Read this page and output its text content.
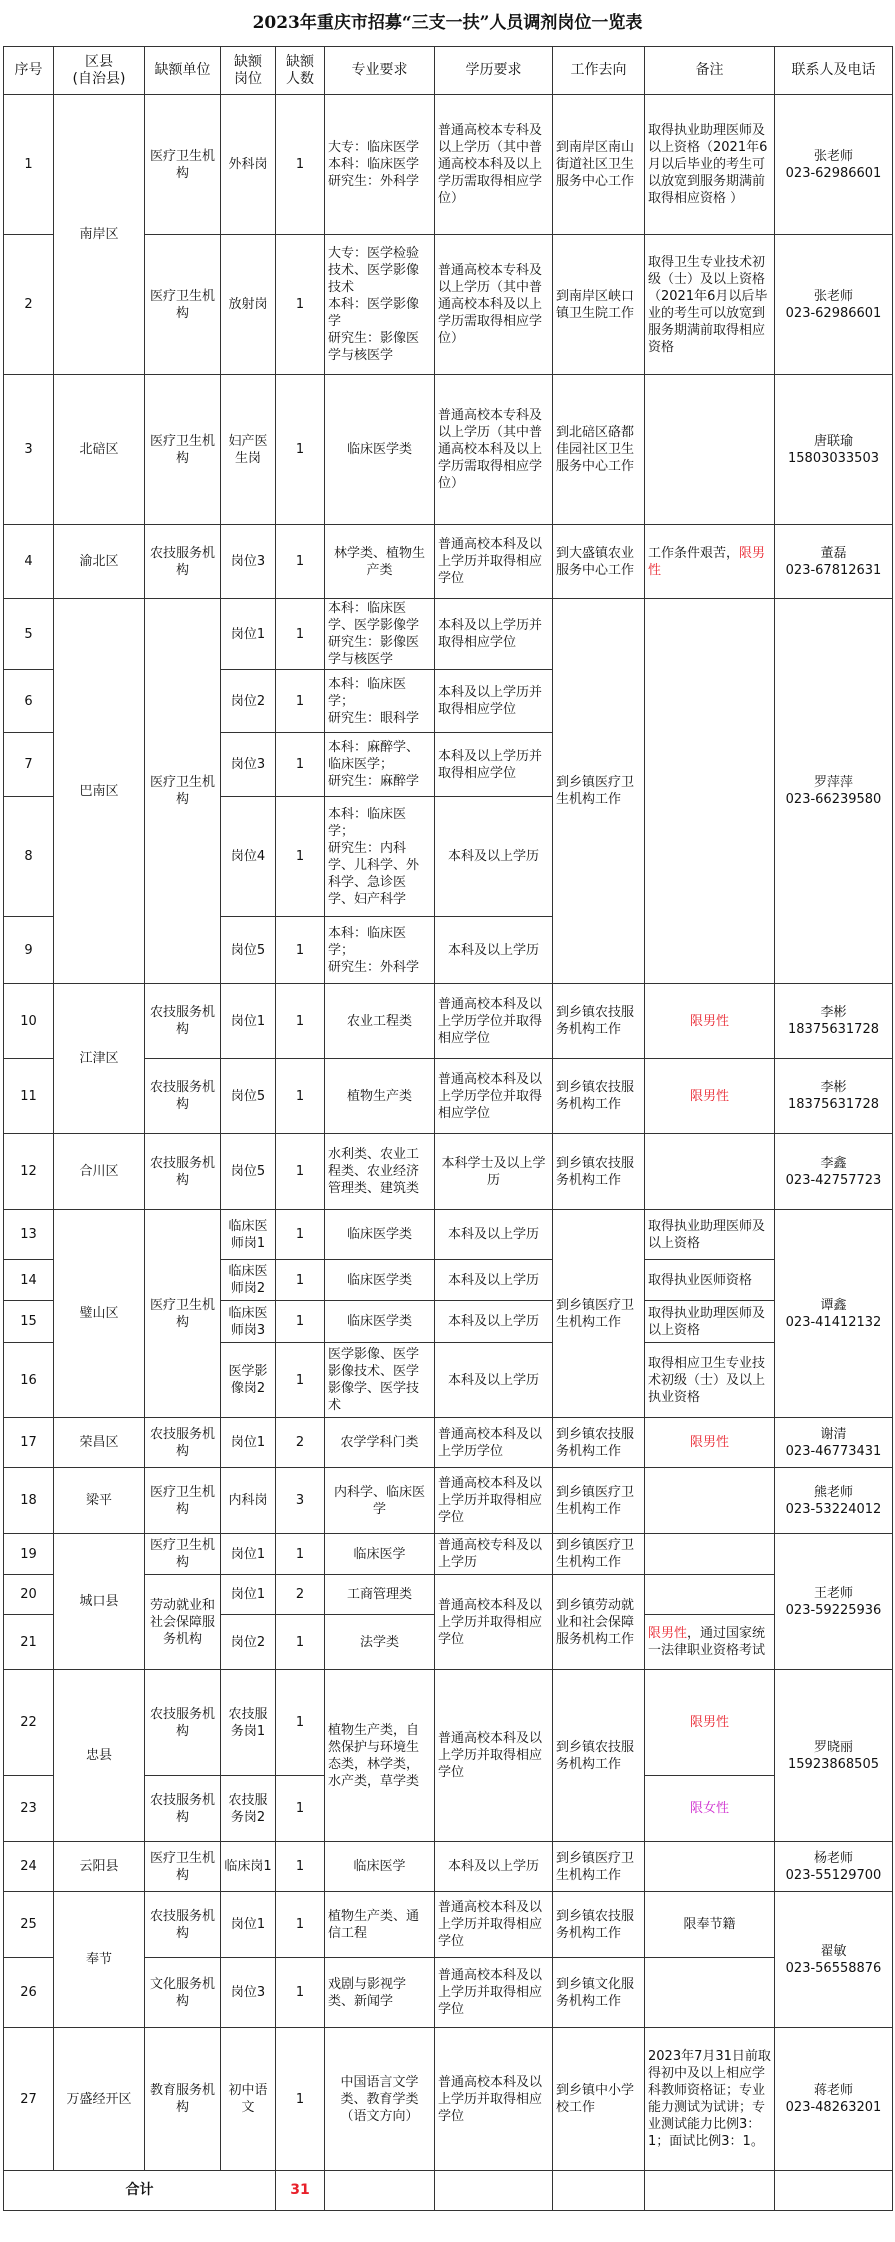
2023年重庆市招募“三支一扶”人员调剂岗位一览表
序号	区县
(自治县)	缺额单位	缺额
岗位	缺额
人数	专业要求	学历要求	工作去向	备注	联系人及电话
1	南岸区	医疗卫生机构	外科岗	1	大专：临床医学
本科：临床医学
研究生：外科学	普通高校本专科及以上学历（其中普通高校本科及以上学历需取得相应学位）	到南岸区南山街道社区卫生服务中心工作	取得执业助理医师及以上资格（2021年6月以后毕业的考生可以放宽到服务期满前取得相应资格 ）	张老师
023-62986601
2		医疗卫生机构	放射岗	1	大专：医学检验技术、医学影像技术
本科：医学影像学
研究生：影像医学与核医学	普通高校本专科及以上学历（其中普通高校本科及以上学历需取得相应学位）	到南岸区峡口镇卫生院工作	取得卫生专业技术初级（士）及以上资格（2021年6月以后毕业的考生可以放宽到服务期满前取得相应资格	张老师
023-62986601
3	北碚区	医疗卫生机构	妇产医生岗	1	临床医学类	普通高校本专科及以上学历（其中普通高校本科及以上学历需取得相应学位）	到北碚区硌都佳园社区卫生服务中心工作		唐联瑜
15803033503
4	渝北区	农技服务机构	岗位3	1	林学类、植物生产类	普通高校本科及以上学历并取得相应学位	到大盛镇农业服务中心工作	工作条件艰苦，限男性	董磊
023-67812631
5	巴南区	医疗卫生机构	岗位1	1	本科：临床医学、医学影像学
研究生：影像医学与核医学	本科及以上学历并取得相应学位	到乡镇医疗卫生机构工作		罗萍萍
023-66239580
6			岗位2	1	本科：临床医学；
研究生：眼科学	本科及以上学历并取得相应学位			
7			岗位3	1	本科：麻醉学、临床医学；
研究生：麻醉学	本科及以上学历并取得相应学位			
8			岗位4	1	本科：临床医学；
研究生：内科学、儿科学、外科学、急诊医学、妇产科学	本科及以上学历			
9			岗位5	1	本科：临床医学；
研究生：外科学	本科及以上学历			
10	江津区	农技服务机构	岗位1	1	农业工程类	普通高校本科及以上学历学位并取得相应学位	到乡镇农技服务机构工作	限男性	李彬
18375631728
11		农技服务机构	岗位5	1	植物生产类	普通高校本科及以上学历学位并取得相应学位	到乡镇农技服务机构工作	限男性	李彬
18375631728
12	合川区	农技服务机构	岗位5	1	水利类、农业工程类、农业经济管理类、建筑类	本科学士及以上学历	到乡镇农技服务机构工作		李鑫
023-42757723
13	璧山区	医疗卫生机构	临床医师岗1	1	临床医学类	本科及以上学历	到乡镇医疗卫生机构工作	取得执业助理医师及以上资格	谭鑫
023-41412132
14			临床医师岗2	1	临床医学类	本科及以上学历		取得执业医师资格	
15			临床医师岗3	1	临床医学类	本科及以上学历		取得执业助理医师及以上资格	
16			医学影像岗2	1	医学影像、医学影像技术、医学影像学、医学技术	本科及以上学历		取得相应卫生专业技术初级（士）及以上执业资格	
17	荣昌区	农技服务机构	岗位1	2	农学学科门类	普通高校本科及以上学历学位	到乡镇农技服务机构工作	限男性	谢清
023-46773431
18	梁平	医疗卫生机构	内科岗	3	内科学、临床医学	普通高校本科及以上学历并取得相应学位	到乡镇医疗卫生机构工作		熊老师
023-53224012
19	城口县	医疗卫生机构	岗位1	1	临床医学	普通高校专科及以上学历	到乡镇医疗卫生机构工作		王老师
023-59225936
20		劳动就业和社会保障服务机构	岗位1	2	工商管理类	普通高校本科及以上学历并取得相应学位	到乡镇劳动就业和社会保障服务机构工作		
21			岗位2	1	法学类			限男性，通过国家统一法律职业资格考试	
22	忠县	农技服务机构	农技服务岗1	1	植物生产类，自然保护与环境生态类，林学类，水产类，草学类	普通高校本科及以上学历并取得相应学位	到乡镇农技服务机构工作	限男性	罗晓丽
15923868505
23		农技服务机构	农技服务岗2	1				限女性	
24	云阳县	医疗卫生机构	临床岗1	1	临床医学	本科及以上学历	到乡镇医疗卫生机构工作		杨老师
023-55129700
25	奉节	农技服务机构	岗位1	1	植物生产类、通信工程	普通高校本科及以上学历并取得相应学位	到乡镇农技服务机构工作	限奉节籍	翟敏
023-56558876
26		文化服务机构	岗位3	1	戏剧与影视学类、新闻学	普通高校本科及以上学历并取得相应学位	到乡镇文化服务机构工作		
27	万盛经开区	教育服务机构	初中语文	1	中国语言文学类、教育学类（语文方向）	普通高校本科及以上学历并取得相应学位	到乡镇中小学校工作	2023年7月31日前取得初中及以上相应学科教师资格证；专业能力测试为试讲；专业测试能力比例3：1；面试比例3：1。	蒋老师
023-48263201
合计				31					
